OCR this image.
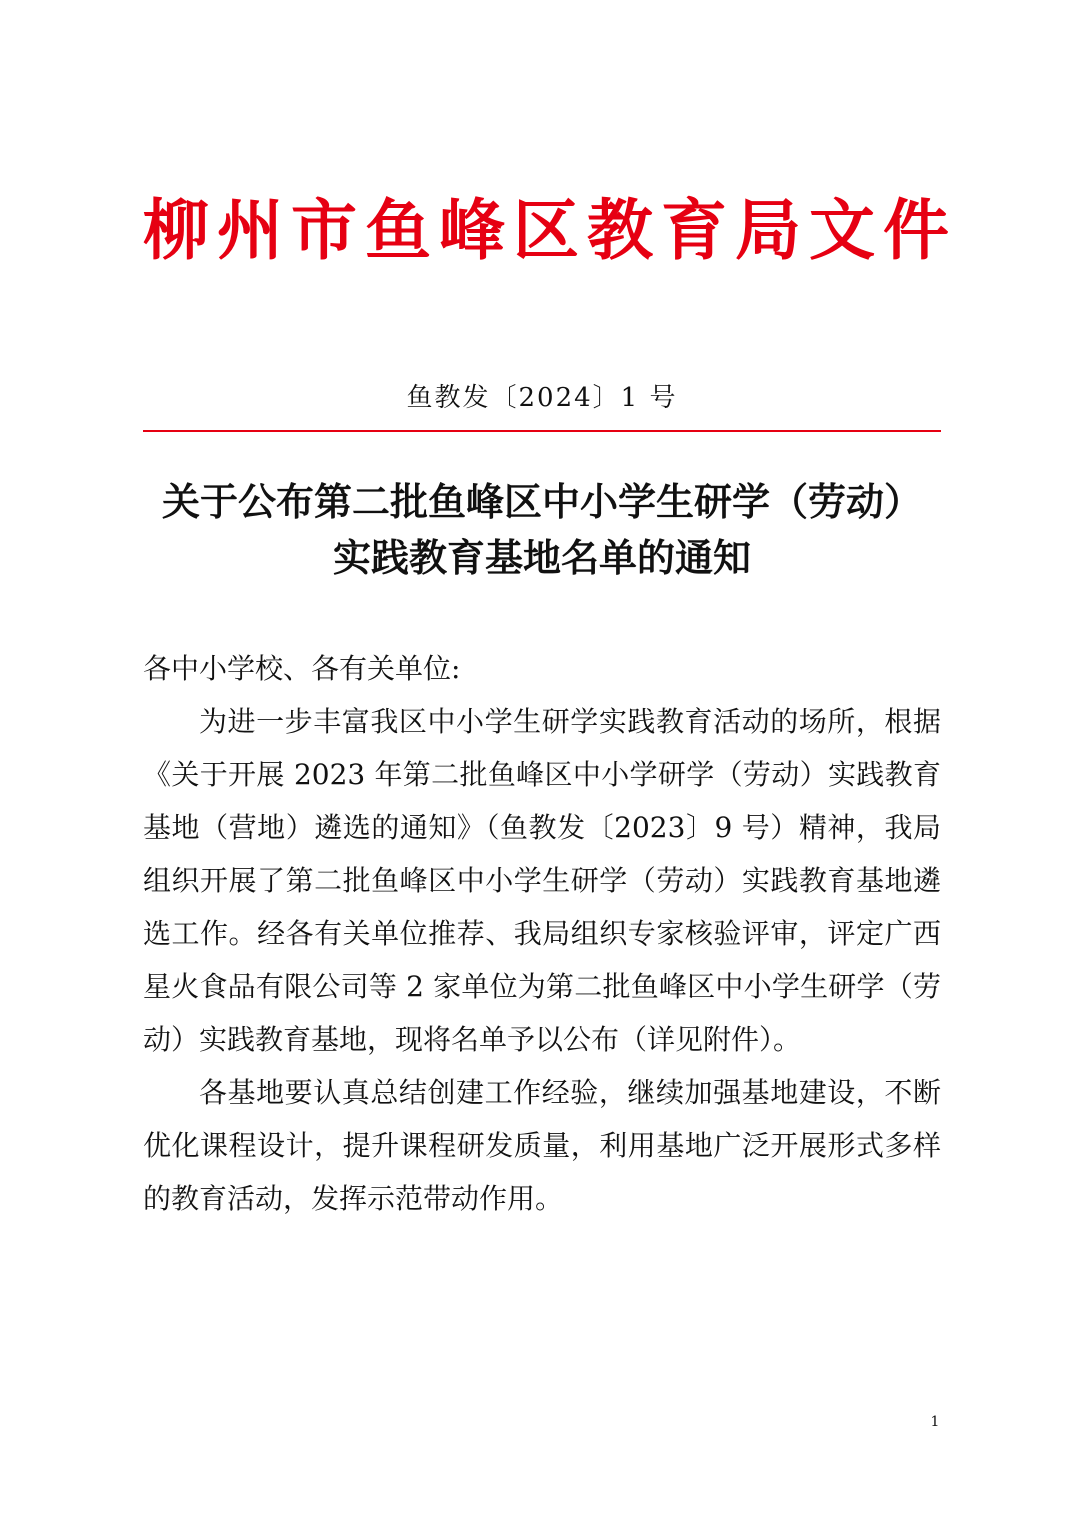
柳州市鱼峰区教育局文件
鱼教发〔2024〕1 号
关于公布第二批鱼峰区中小学生研学（劳动）
实践教育基地名单的通知

各中小学校、各有关单位:

为进一步丰富我区中小学生研学实践教育活动的场所，根据《关于开展 2023 年第二批鱼峰区中小学研学（劳动）实践教育基地（营地）遴选的通知》（鱼教发〔2023〕9 号）精神，我局组织开展了第二批鱼峰区中小学生研学（劳动）实践教育基地遴选工作。经各有关单位推荐、我局组织专家核验评审，评定广西星火食品有限公司等 2 家单位为第二批鱼峰区中小学生研学（劳动）实践教育基地，现将名单予以公布（详见附件）。

各基地要认真总结创建工作经验，继续加强基地建设，不断优化课程设计，提升课程研发质量，利用基地广泛开展形式多样的教育活动，发挥示范带动作用。

1
